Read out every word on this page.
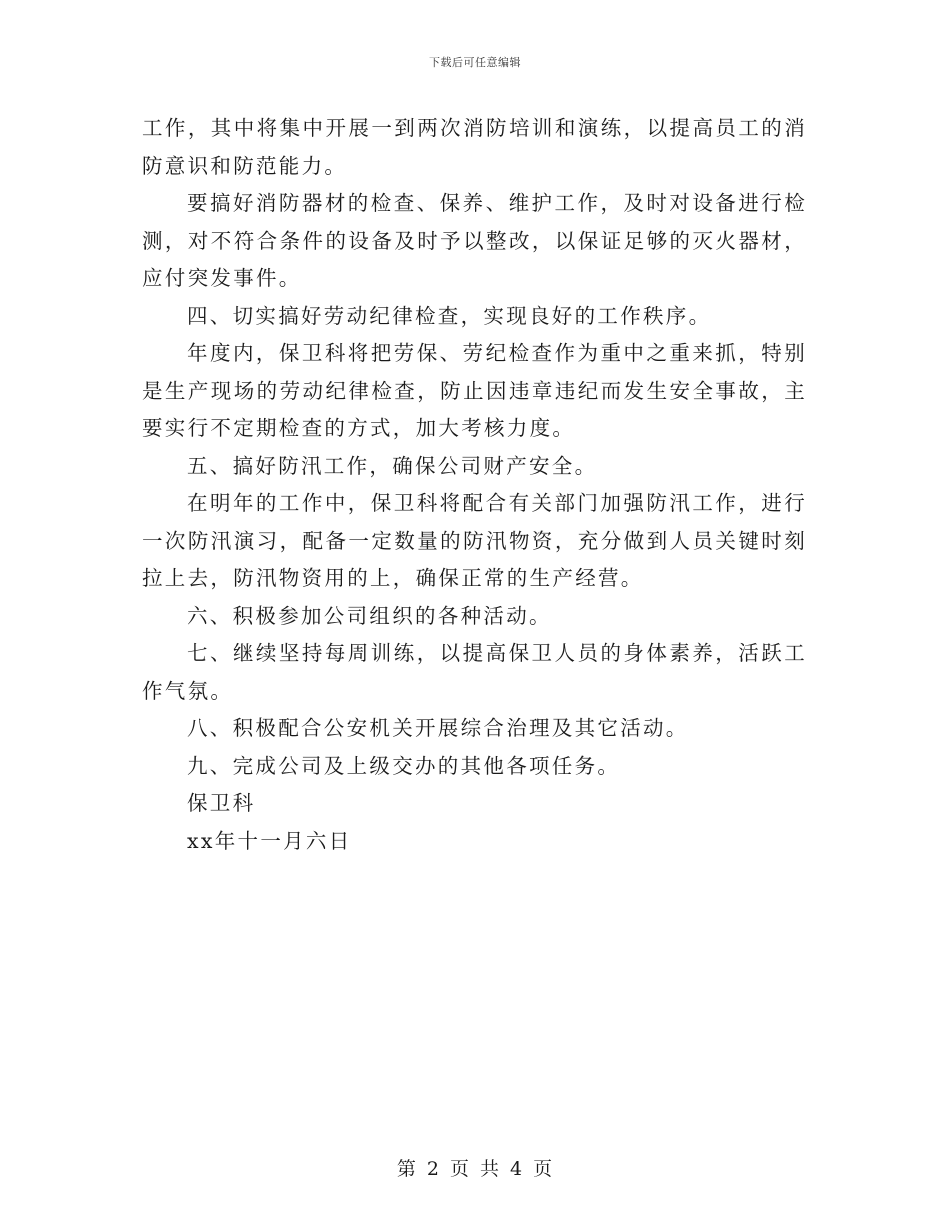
下载后可任意编辑

工作，其中将集中开展一到两次消防培训和演练，以提高员工的消防意识和防范能力。

要搞好消防器材的检查、保养、维护工作，及时对设备进行检测，对不符合条件的设备及时予以整改，以保证足够的灭火器材，应付突发事件。

四、切实搞好劳动纪律检查，实现良好的工作秩序。

年度内，保卫科将把劳保、劳纪检查作为重中之重来抓，特别是生产现场的劳动纪律检查，防止因违章违纪而发生安全事故，主要实行不定期检查的方式，加大考核力度。

五、搞好防汛工作，确保公司财产安全。

在明年的工作中，保卫科将配合有关部门加强防汛工作，进行一次防汛演习，配备一定数量的防汛物资，充分做到人员关键时刻拉上去，防汛物资用的上，确保正常的生产经营。

六、积极参加公司组织的各种活动。

七、继续坚持每周训练，以提高保卫人员的身体素养，活跃工作气氛。

八、积极配合公安机关开展综合治理及其它活动。

九、完成公司及上级交办的其他各项任务。

保卫科

xx年十一月六日

第 2 页 共 4 页
